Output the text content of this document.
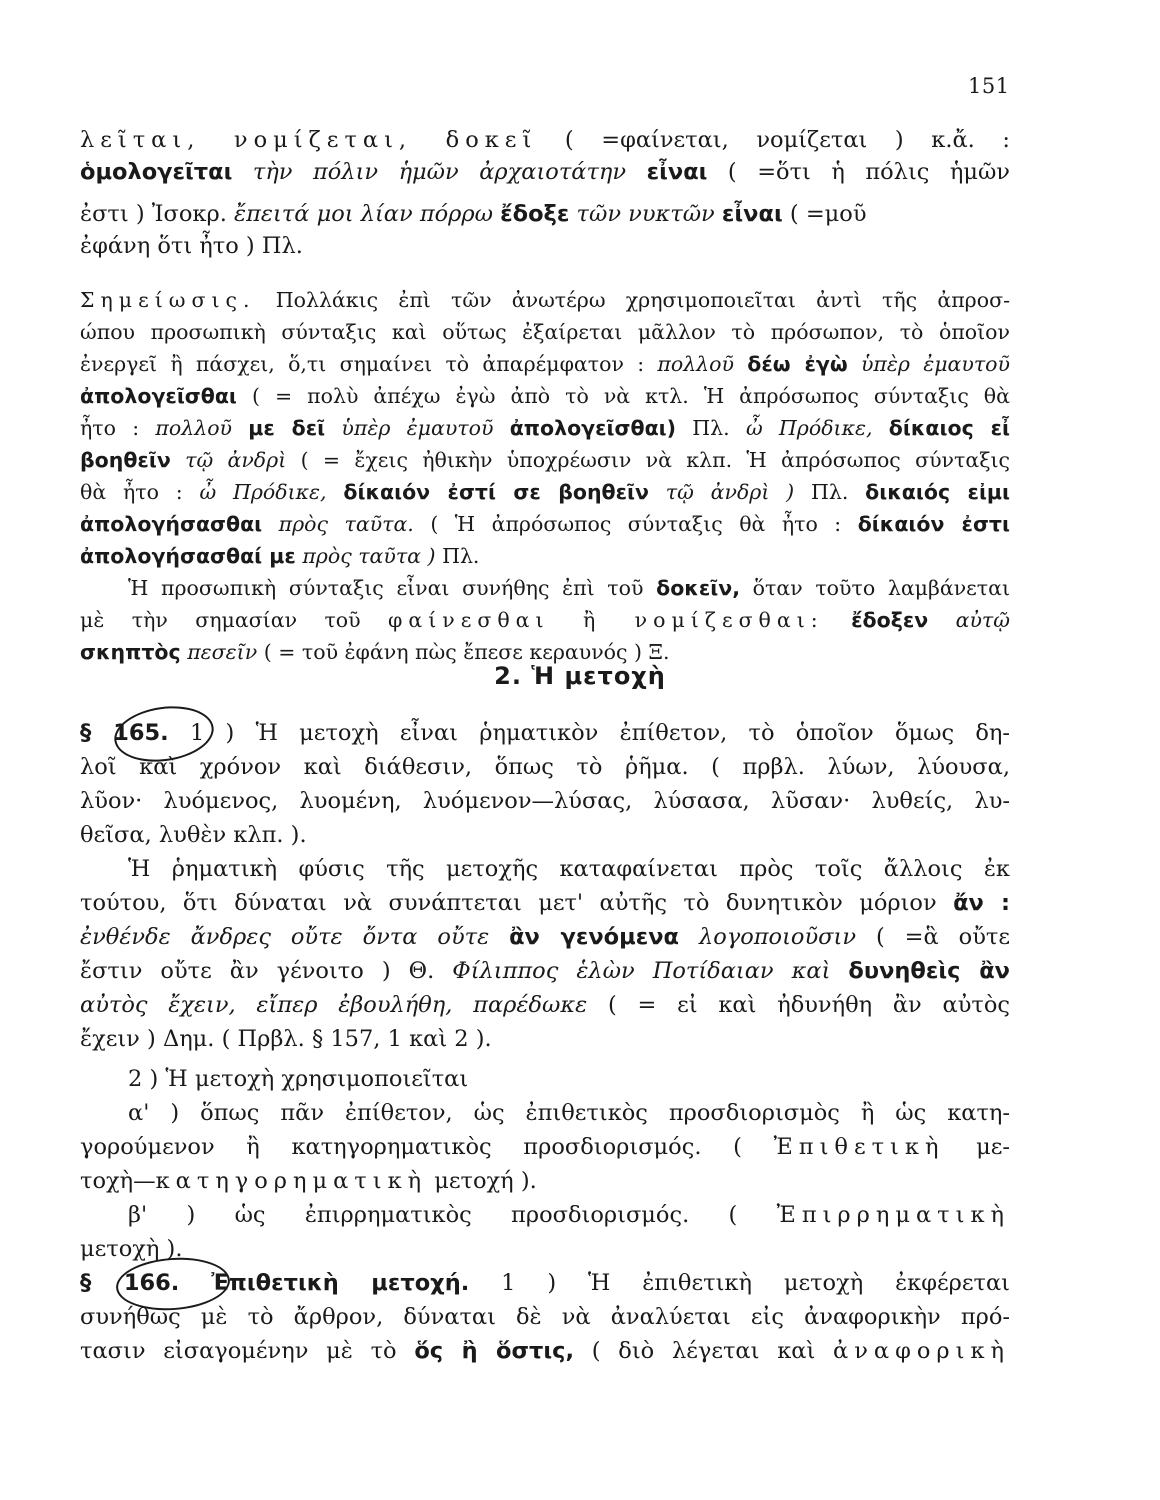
151
λεῖται, νομίζεται, δοκεῖ ( =φαίνεται, νομίζεται ) κ.ἄ. :
ὁμολογεῖται τὴν πόλιν ἡμῶν ἀρχαιοτάτην εἶναι ( =ὅτι ἡ πόλις ἡμῶν
ἐστι ) Ἰσοκρ. ἔπειτά μοι λίαν πόρρω ἔδοξε τῶν νυκτῶν εἶναι ( =μοῦ
ἐφάνη ὅτι ἦτο ) Πλ.
Σημείωσις. Πολλάκις ἐπὶ τῶν ἀνωτέρω χρησιμοποιεῖται ἀντὶ τῆς ἀπροσ-
ώπου προσωπικὴ σύνταξις καὶ οὕτως ἐξαίρεται μᾶλλον τὸ πρόσωπον, τὸ ὁποῖον
ἐνεργεῖ ἢ πάσχει, ὅ,τι σημαίνει τὸ ἀπαρέμφατον : πολλοῦ δέω ἐγὼ ὑπὲρ ἐμαυτοῦ
ἀπολογεῖσθαι ( = πολὺ ἀπέχω ἐγὼ ἀπὸ τὸ νὰ κτλ. Ἡ ἀπρόσωπος σύνταξις θὰ
ἦτο : πολλοῦ με δεῖ ὑπὲρ ἐμαυτοῦ ἀπολογεῖσθαι) Πλ. ὦ Πρόδικε, δίκαιος εἶ
βοηθεῖν τῷ ἀνδρὶ ( = ἔχεις ἠθικὴν ὑποχρέωσιν νὰ κλπ. Ἡ ἀπρόσωπος σύνταξις
θὰ ἦτο : ὦ Πρόδικε, δίκαιόν ἐστί σε βοηθεῖν τῷ ἀνδρὶ ) Πλ. δικαιός εἰμι
ἀπολογήσασθαι πρὸς ταῦτα. ( Ἡ ἀπρόσωπος σύνταξις θὰ ἦτο : δίκαιόν ἐστι
ἀπολογήσασθαί με πρὸς ταῦτα ) Πλ.
Ἡ προσωπικὴ σύνταξις εἶναι συνήθης ἐπὶ τοῦ δοκεῖν, ὅταν τοῦτο λαμβάνεται
μὲ τὴν σημασίαν τοῦ φαίνεσθαι ἢ νομίζεσθαι: ἔδοξεν αὐτῷ
σκηπτὸς πεσεῖν ( = τοῦ ἐφάνη πὼς ἔπεσε κεραυνός ) Ξ.
§ 165. 1 ) Ἡ μετοχὴ εἶναι ῥηματικὸν ἐπίθετον, τὸ ὁποῖον ὅμως δη-
λοῖ καὶ χρόνον καὶ διάθεσιν, ὅπως τὸ ῥῆμα. ( πρβλ. λύων, λύουσα,
λῦον· λυόμενος, λυομένη, λυόμενον—λύσας, λύσασα, λῦσαν· λυθείς, λυ-
θεῖσα, λυθὲν κλπ. ).
Ἡ ῥηματικὴ φύσις τῆς μετοχῆς καταφαίνεται πρὸς τοῖς ἄλλοις ἐκ
τούτου, ὅτι δύναται νὰ συνάπτεται μετ' αὐτῆς τὸ δυνητικὸν μόριον ἄν :
ἐνθένδε ἄνδρες οὔτε ὄντα οὔτε ἂν γενόμενα λογοποιοῦσιν ( =ἃ οὔτε
ἔστιν οὔτε ἂν γένοιτο ) Θ. Φίλιππος ἑλὼν Ποτίδαιαν καὶ δυνηθεὶς ἂν
αὐτὸς ἔχειν, εἴπερ ἐβουλήθη, παρέδωκε ( = εἰ καὶ ἠδυνήθη ἂν αὐτὸς
ἔχειν ) Δημ. ( Πρβλ. § 157, 1 καὶ 2 ).
2 ) Ἡ μετοχὴ χρησιμοποιεῖται
α' ) ὅπως πᾶν ἐπίθετον, ὡς ἐπιθετικὸς προσδιορισμὸς ἢ ὡς κατη-
γορούμενον ἢ κατηγορηματικὸς προσδιορισμός. ( Ἐπιθετικὴ με-
τοχὴ—κατηγορηματικὴ μετοχή ).
β' ) ὡς ἐπιρρηματικὸς προσδιορισμός. ( Ἐπιρρηματικὴ
μετοχὴ ).
§ 166. Ἐπιθετικὴ μετοχή. 1 ) Ἡ ἐπιθετικὴ μετοχὴ ἐκφέρεται
συνήθως μὲ τὸ ἄρθρον, δύναται δὲ νὰ ἀναλύεται εἰς ἀναφορικὴν πρό-
τασιν εἰσαγομένην μὲ τὸ ὅς ἢ ὅστις, ( διὸ λέγεται καὶ ἀναφορικὴ
2. Ἡ μετοχὴ
